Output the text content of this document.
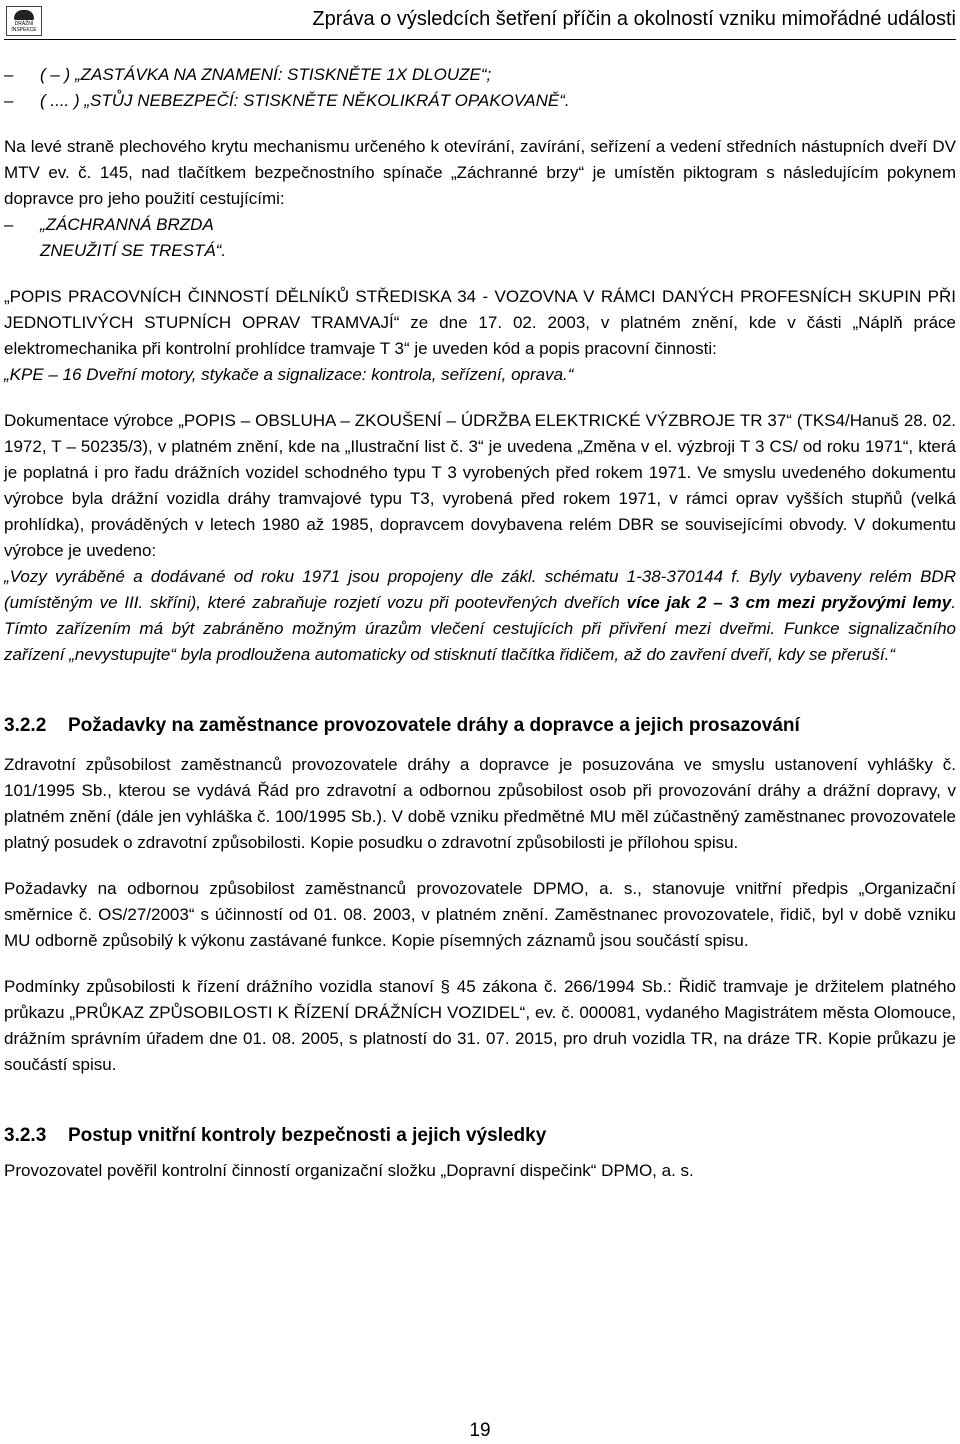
DRÁŽNÍ INSPEKCE	Zpráva o výsledcích šetření příčin a okolností vzniku mimořádné události
–	( – ) „ZASTÁVKA NA ZNAMENÍ: STISKNĚTE 1X DLOUZE“;
–	( .... ) „STŮJ NEBEZPEČÍ: STISKNĚTE NĚKOLIKRÁT OPAKOVANĚ“.

Na levé straně plechového krytu mechanismu určeného k otevírání, zavírání, seřízení a vedení středních nástupních dveří DV MTV ev. č. 145, nad tlačítkem bezpečnostního spínače „Záchranné brzy“ je umístěn piktogram s následujícím pokynem dopravce pro jeho použití cestujícími:

–	„ZÁCHRANNÁ BRZDA
ZNEUŽITÍ SE TRESTÁ“.

„POPIS PRACOVNÍCH ČINNOSTÍ DĚLNÍKŮ STŘEDISKA 34 - VOZOVNA V RÁMCI DANÝCH PROFESNÍCH SKUPIN PŘI JEDNOTLIVÝCH STUPNÍCH OPRAV TRAMVAJÍ“ ze dne 17. 02. 2003, v platném znění, kde v části „Náplň práce elektromechanika při kontrolní prohlídce tramvaje T 3“ je uveden kód a popis pracovní činnosti:

„KPE – 16 Dveřní motory, stykače a signalizace: kontrola, seřízení, oprava.“

Dokumentace výrobce „POPIS – OBSLUHA – ZKOUŠENÍ – ÚDRŽBA ELEKTRICKÉ VÝZBROJE TR 37“ (TKS4/Hanuš 28. 02. 1972, T – 50235/3), v platném znění, kde na „Ilustrační list č. 3“ je uvedena „Změna v el. výzbroji T 3 CS/ od roku 1971“, která je poplatná i pro řadu drážních vozidel schodného typu T 3 vyrobených před rokem 1971. Ve smyslu uvedeného dokumentu výrobce byla drážní vozidla dráhy tramvajové typu T3, vyrobená před rokem 1971, v rámci oprav vyšších stupňů (velká prohlídka), prováděných v letech 1980 až 1985, dopravcem dovybavena relém DBR se souvisejícími obvody. V dokumentu výrobce je uvedeno:

„Vozy vyráběné a dodávané od roku 1971 jsou propojeny dle zákl. schématu 1-38-370144 f. Byly vybaveny relém BDR (umístěným ve III. skříni), které zabraňuje rozjetí vozu při pootevřených dveřích více jak 2 – 3 cm mezi pryžovými lemy. Tímto zařízením má být zabráněno možným úrazům vlečení cestujících při přivření mezi dveřmi. Funkce signalizačního zařízení „nevystupujte“ byla prodloužena automaticky od stisknutí tlačítka řidičem, až do zavření dveří, kdy se přeruší.“

3.2.2	Požadavky na zaměstnance provozovatele dráhy a dopravce a jejich prosazování

Zdravotní způsobilost zaměstnanců provozovatele dráhy a dopravce je posuzována ve smyslu ustanovení vyhlášky č. 101/1995 Sb., kterou se vydává Řád pro zdravotní a odbornou způsobilost osob při provozování dráhy a drážní dopravy, v platném znění (dále jen vyhláška č. 100/1995 Sb.). V době vzniku předmětné MU měl zúčastněný zaměstnanec provozovatele platný posudek o zdravotní způsobilosti. Kopie posudku o zdravotní způsobilosti je přílohou spisu.

Požadavky na odbornou způsobilost zaměstnanců provozovatele DPMO, a. s., stanovuje vnitřní předpis „Organizační směrnice č. OS/27/2003“ s účinností od 01. 08. 2003, v platném znění. Zaměstnanec provozovatele, řidič, byl v době vzniku MU odborně způsobilý k výkonu zastávané funkce. Kopie písemných záznamů jsou součástí spisu.

Podmínky způsobilosti k řízení drážního vozidla stanoví § 45 zákona č. 266/1994 Sb.: Řidič tramvaje je držitelem platného průkazu „PRŮKAZ ZPŮSOBILOSTI K ŘÍZENÍ DRÁŽNÍCH VOZIDEL“, ev. č. 000081, vydaného Magistrátem města Olomouce, drážním správním úřadem dne 01. 08. 2005, s platností do 31. 07. 2015, pro druh vozidla TR, na dráze TR. Kopie průkazu je součástí spisu.

3.2.3	Postup vnitřní kontroly bezpečnosti a jejich výsledky

Provozovatel pověřil kontrolní činností organizační složku „Dopravní dispečink“ DPMO, a. s.

19
